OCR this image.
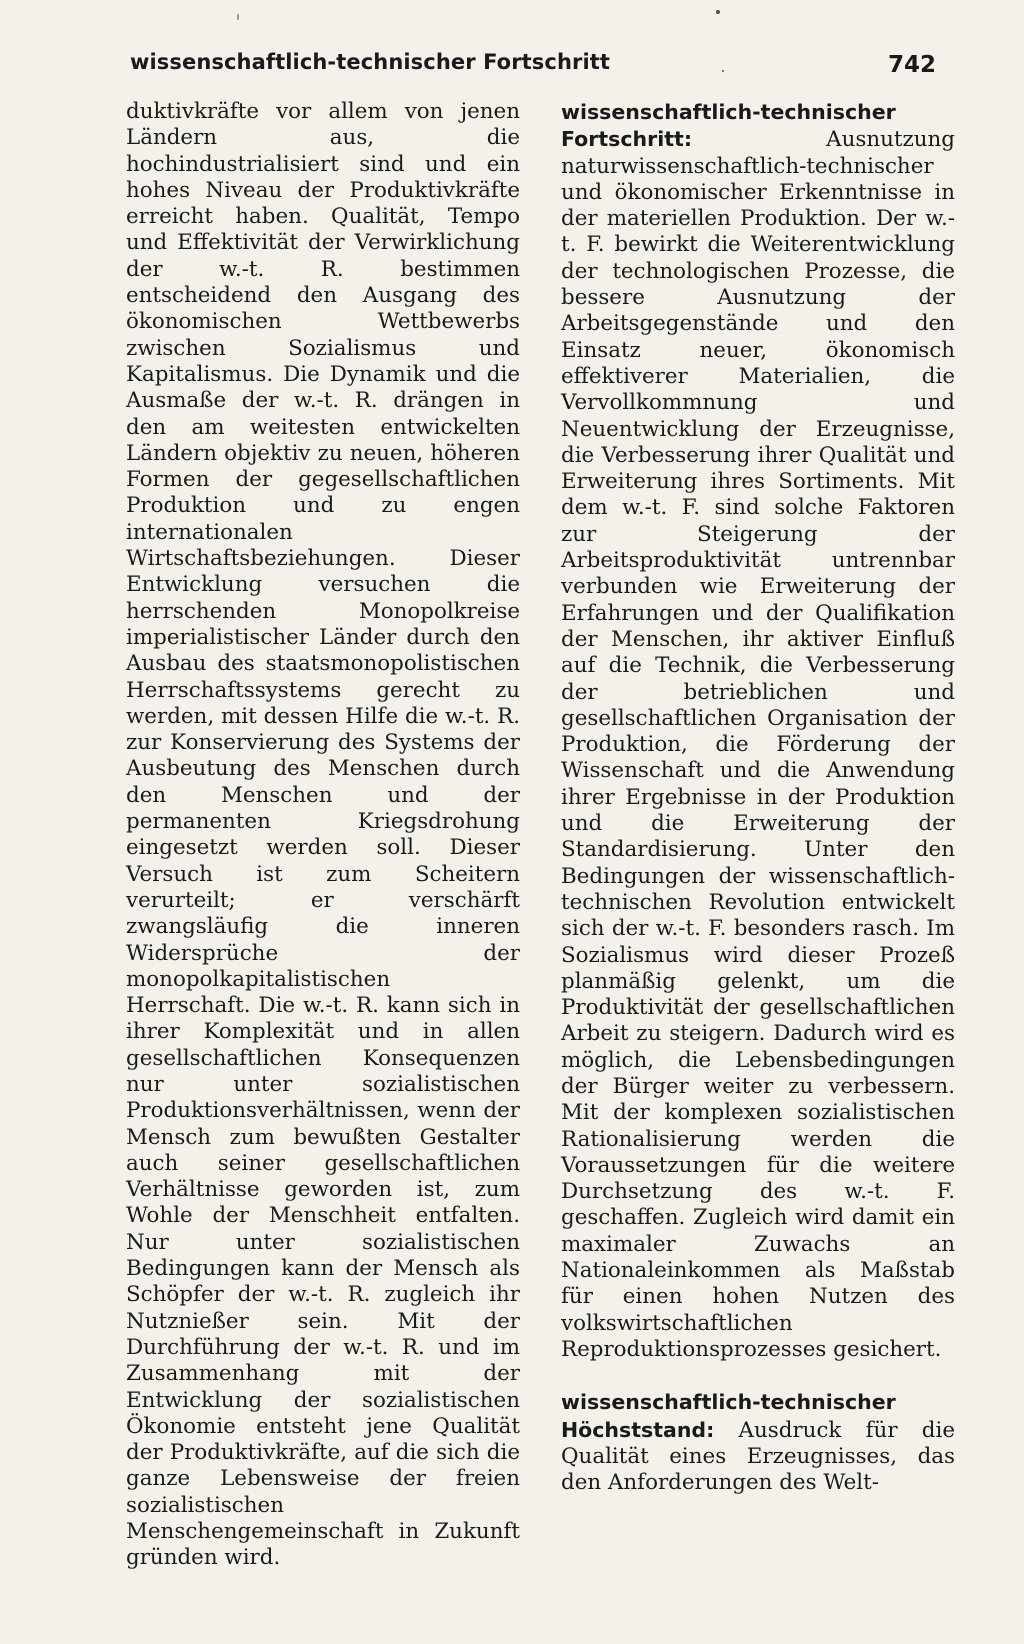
wissenschaftlich-technischer Fortschritt	742

duktivkräfte vor allem von jenen Ländern aus, die hochindustrialisiert sind und ein hohes Niveau der Produktivkräfte erreicht haben. Qualität, Tempo und Effektivität der Verwirklichung der w.-t. R. bestimmen entscheidend den Ausgang des ökonomischen Wettbewerbs zwischen Sozialismus und Kapitalismus. Die Dynamik und die Ausmaße der w.-t. R. drängen in den am weitesten entwickelten Ländern objektiv zu neuen, höheren Formen der gegesellschaftlichen Produktion und zu engen internationalen Wirtschaftsbeziehungen. Dieser Entwicklung versuchen die herrschenden Monopolkreise imperialistischer Länder durch den Ausbau des staatsmonopolistischen Herrschaftssystems gerecht zu werden, mit dessen Hilfe die w.-t. R. zur Konservierung des Systems der Ausbeutung des Menschen durch den Menschen und der permanenten Kriegsdrohung eingesetzt werden soll. Dieser Versuch ist zum Scheitern verurteilt; er verschärft zwangsläufig die inneren Widersprüche der monopolkapitalistischen Herrschaft. Die w.-t. R. kann sich in ihrer Komplexität und in allen gesellschaftlichen Konsequenzen nur unter sozialistischen Produktionsverhältnissen, wenn der Mensch zum bewußten Gestalter auch seiner gesellschaftlichen Verhältnisse geworden ist, zum Wohle der Menschheit entfalten. Nur unter sozialistischen Bedingungen kann der Mensch als Schöpfer der w.-t. R. zugleich ihr Nutznießer sein. Mit der Durchführung der w.-t. R. und im Zusammenhang mit der Entwicklung der sozialistischen Ökonomie entsteht jene Qualität der Produktivkräfte, auf die sich die ganze Lebensweise der freien sozialistischen Menschengemeinschaft in Zukunft gründen wird.

wissenschaftlich-technischer Fortschritt: Ausnutzung naturwissenschaftlich-technischer und ökonomischer Erkenntnisse in der materiellen Produktion. Der w.-t. F. bewirkt die Weiterentwicklung der technologischen Prozesse, die bessere Ausnutzung der Arbeitsgegenstände und den Einsatz neuer, ökonomisch effektiverer Materialien, die Vervollkommnung und Neuentwicklung der Erzeugnisse, die Verbesserung ihrer Qualität und Erweiterung ihres Sortiments. Mit dem w.-t. F. sind solche Faktoren zur Steigerung der Arbeitsproduktivität untrennbar verbunden wie Erweiterung der Erfahrungen und der Qualifikation der Menschen, ihr aktiver Einfluß auf die Technik, die Verbesserung der betrieblichen und gesellschaftlichen Organisation der Produktion, die Förderung der Wissenschaft und die Anwendung ihrer Ergebnisse in der Produktion und die Erweiterung der Standardisierung. Unter den Bedingungen der wissenschaftlich-technischen Revolution entwickelt sich der w.-t. F. besonders rasch. Im Sozialismus wird dieser Prozeß planmäßig gelenkt, um die Produktivität der gesellschaftlichen Arbeit zu steigern. Dadurch wird es möglich, die Lebensbedingungen der Bürger weiter zu verbessern. Mit der komplexen sozialistischen Rationalisierung werden die Voraussetzungen für die weitere Durchsetzung des w.-t. F. geschaffen. Zugleich wird damit ein maximaler Zuwachs an Nationaleinkommen als Maßstab für einen hohen Nutzen des volkswirtschaftlichen Reproduktionsprozesses gesichert.

wissenschaftlich-technischer Höchststand: Ausdruck für die Qualität eines Erzeugnisses, das den Anforderungen des Welt-
